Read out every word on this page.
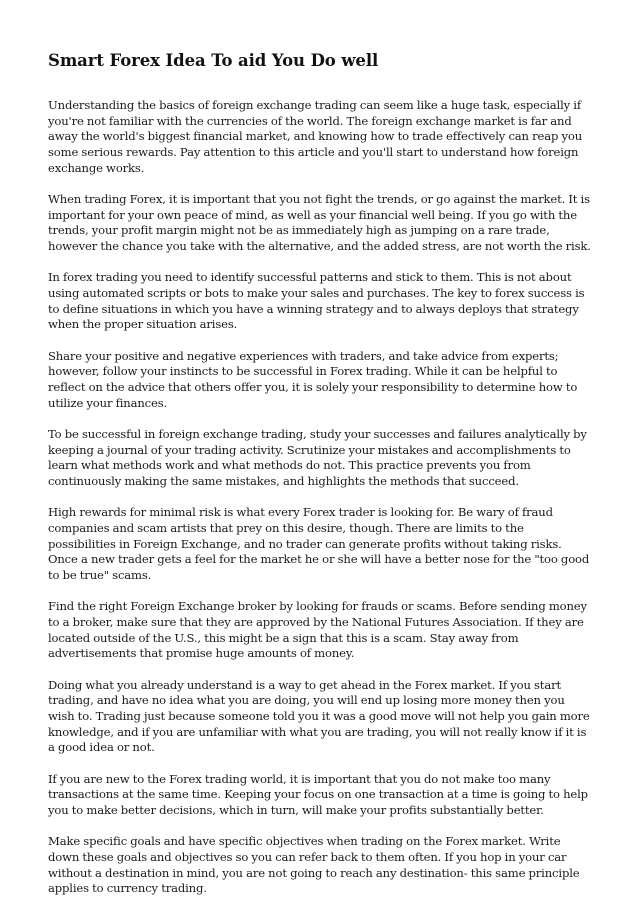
Smart Forex Idea To aid You Do well

Understanding the basics of foreign exchange trading can seem like a huge task, especially if you're not familiar with the currencies of the world. The foreign exchange market is far and away the world's biggest financial market, and knowing how to trade effectively can reap you some serious rewards. Pay attention to this article and you'll start to understand how foreign exchange works.

When trading Forex, it is important that you not fight the trends, or go against the market. It is important for your own peace of mind, as well as your financial well being. If you go with the trends, your profit margin might not be as immediately high as jumping on a rare trade, however the chance you take with the alternative, and the added stress, are not worth the risk.

In forex trading you need to identify successful patterns and stick to them. This is not about using automated scripts or bots to make your sales and purchases. The key to forex success is to define situations in which you have a winning strategy and to always deploys that strategy when the proper situation arises.

Share your positive and negative experiences with traders, and take advice from experts; however, follow your instincts to be successful in Forex trading. While it can be helpful to reflect on the advice that others offer you, it is solely your responsibility to determine how to utilize your finances.

To be successful in foreign exchange trading, study your successes and failures analytically by keeping a journal of your trading activity. Scrutinize your mistakes and accomplishments to learn what methods work and what methods do not. This practice prevents you from continuously making the same mistakes, and highlights the methods that succeed.

High rewards for minimal risk is what every Forex trader is looking for. Be wary of fraud companies and scam artists that prey on this desire, though. There are limits to the possibilities in Foreign Exchange, and no trader can generate profits without taking risks. Once a new trader gets a feel for the market he or she will have a better nose for the "too good to be true" scams.

Find the right Foreign Exchange broker by looking for frauds or scams. Before sending money to a broker, make sure that they are approved by the National Futures Association. If they are located outside of the U.S., this might be a sign that this is a scam. Stay away from advertisements that promise huge amounts of money.

Doing what you already understand is a way to get ahead in the Forex market. If you start trading, and have no idea what you are doing, you will end up losing more money then you wish to. Trading just because someone told you it was a good move will not help you gain more knowledge, and if you are unfamiliar with what you are trading, you will not really know if it is a good idea or not.

If you are new to the Forex trading world, it is important that you do not make too many transactions at the same time. Keeping your focus on one transaction at a time is going to help you to make better decisions, which in turn, will make your profits substantially better.

Make specific goals and have specific objectives when trading on the Forex market. Write down these goals and objectives so you can refer back to them often. If you hop in your car without a destination in mind, you are not going to reach any destination- this same principle applies to currency trading.
